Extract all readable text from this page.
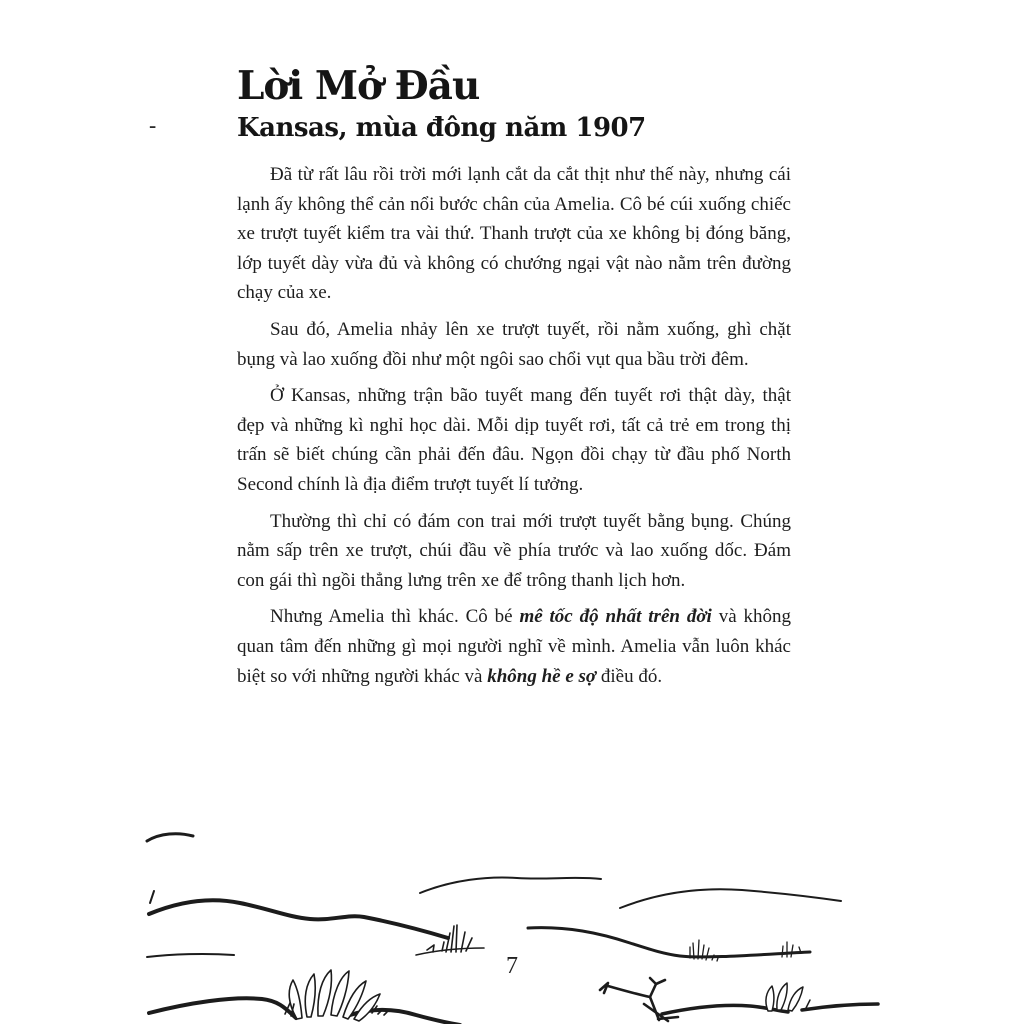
-
Lời Mở Đầu
Kansas, mùa đông năm 1907

Đã từ rất lâu rồi trời mới lạnh cắt da cắt thịt như thế này, nhưng cái lạnh ấy không thể cản nổi bước chân của Amelia. Cô bé cúi xuống chiếc xe trượt tuyết kiểm tra vài thứ. Thanh trượt của xe không bị đóng băng, lớp tuyết dày vừa đủ và không có chướng ngại vật nào nằm trên đường chạy của xe.

Sau đó, Amelia nhảy lên xe trượt tuyết, rồi nằm xuống, ghì chặt bụng và lao xuống đồi như một ngôi sao chổi vụt qua bầu trời đêm.

Ở Kansas, những trận bão tuyết mang đến tuyết rơi thật dày, thật đẹp và những kì nghỉ học dài. Mỗi dịp tuyết rơi, tất cả trẻ em trong thị trấn sẽ biết chúng cần phải đến đâu. Ngọn đồi chạy từ đầu phố North Second chính là địa điểm trượt tuyết lí tưởng.

Thường thì chỉ có đám con trai mới trượt tuyết bằng bụng. Chúng nằm sấp trên xe trượt, chúi đầu về phía trước và lao xuống dốc. Đám con gái thì ngồi thẳng lưng trên xe để trông thanh lịch hơn.

Nhưng Amelia thì khác. Cô bé mê tốc độ nhất trên đời và không quan tâm đến những gì mọi người nghĩ về mình. Amelia vẫn luôn khác biệt so với những người khác và không hề e sợ điều đó.

7
